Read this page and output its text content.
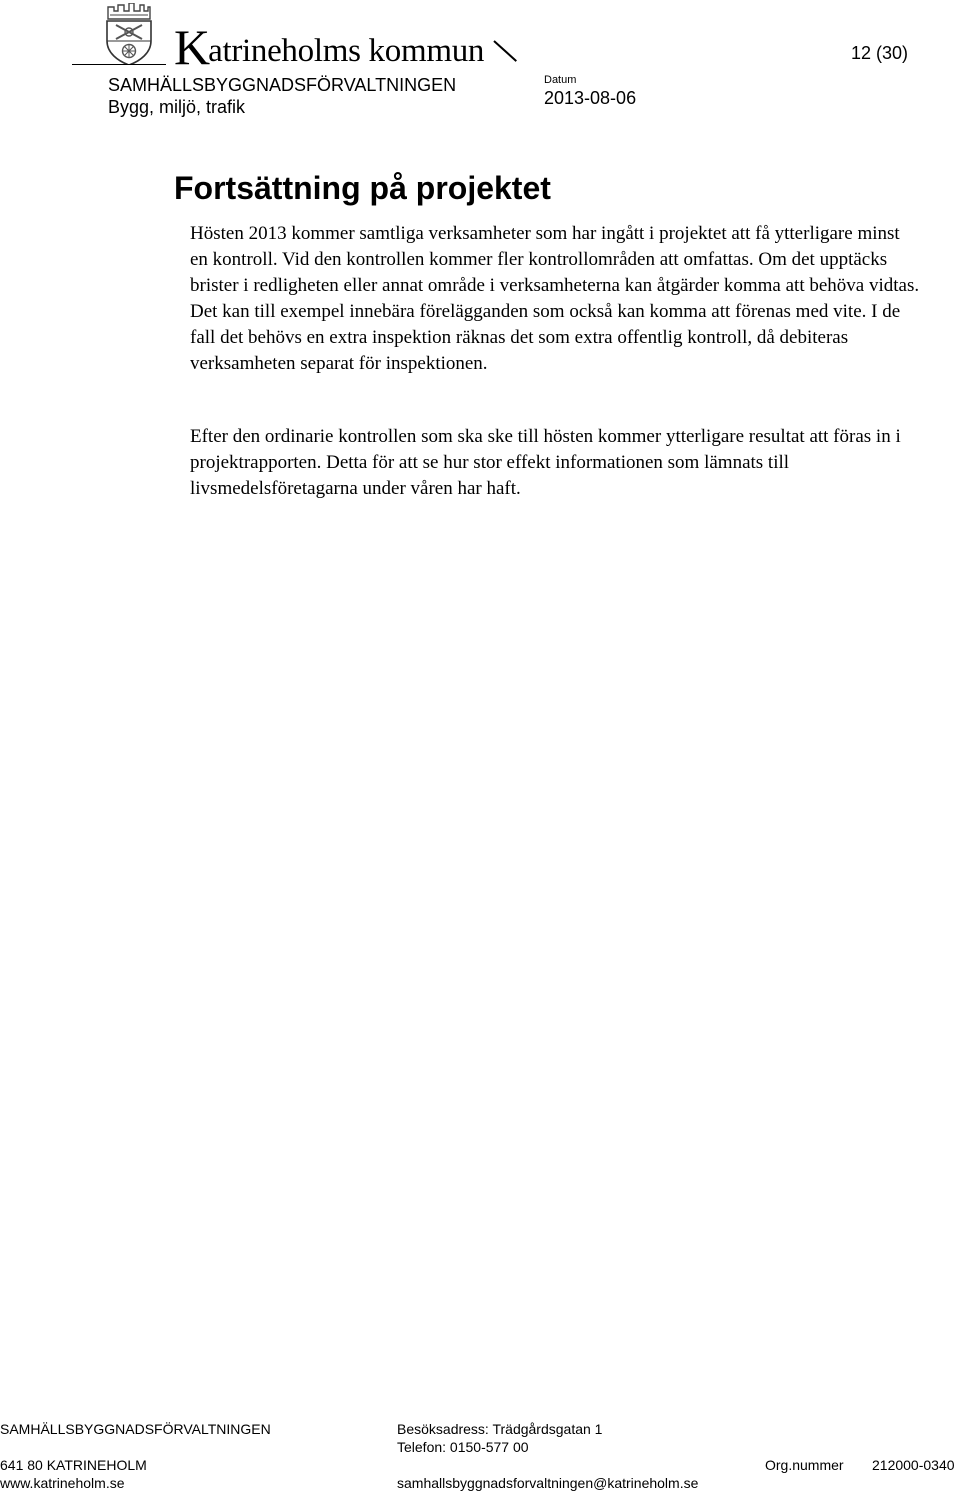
Katrineholms kommun	12 (30)
SAMHÄLLSBYGGNADSFÖRVALTNINGEN
Bygg, miljö, trafik
Datum
2013-08-06
Fortsättning på projektet

Hösten 2013 kommer samtliga verksamheter som har ingått i projektet att få ytterligare minst en kontroll. Vid den kontrollen kommer fler kontrollområden att omfattas. Om det upptäcks brister i redligheten eller annat område i verksamheterna kan åtgärder komma att behöva vidtas. Det kan till exempel innebära förelägganden som också kan komma att förenas med vite. I de fall det behövs en extra inspektion räknas det som extra offentlig kontroll, då debiteras verksamheten separat för inspektionen.

Efter den ordinarie kontrollen som ska ske till hösten kommer ytterligare resultat att föras in i projektrapporten. Detta för att se hur stor effekt informationen som lämnats till livsmedelsföretagarna under våren har haft.

SAMHÄLLSBYGGNADSFÖRVALTNINGEN
641 80 KATRINEHOLM
www.katrineholm.se
Besöksadress: Trädgårdsgatan 1
Telefon: 0150-577 00
samhallsbyggnadsforvaltningen@katrineholm.se
Org.nummer 212000-0340
